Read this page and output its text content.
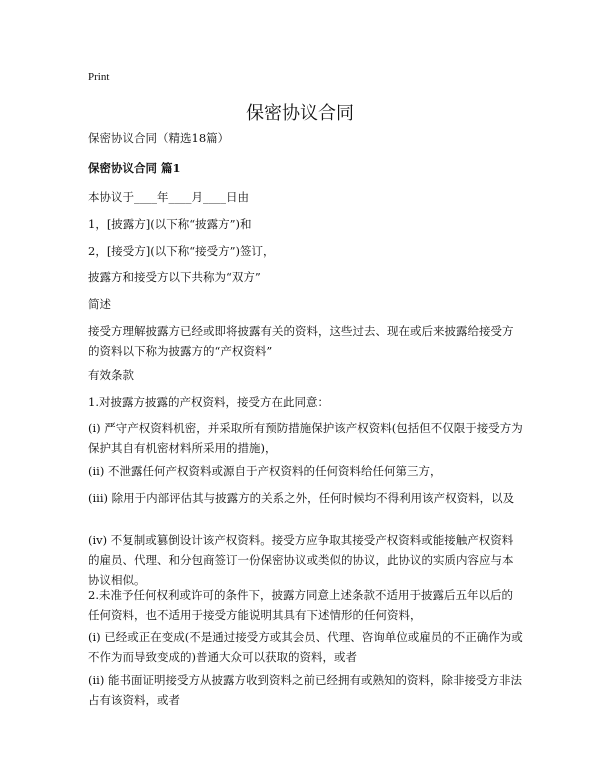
Print
保密协议合同

保密协议合同（精选18篇）

保密协议合同 篇1

本协议于____年____月____日由

1，[披露方](以下称“披露方”)和

2，[接受方](以下称“接受方”)签订，

披露方和接受方以下共称为“双方”

简述

接受方理解披露方已经或即将披露有关的资料，这些过去、现在或后来披露给接受方的资料以下称为披露方的“产权资料”

有效条款

1.对披露方披露的产权资料，接受方在此同意：

(i) 严守产权资料机密，并采取所有预防措施保护该产权资料(包括但不仅限于接受方为保护其自有机密材料所采用的措施)，

(ii) 不泄露任何产权资料或源自于产权资料的任何资料给任何第三方，

(iii) 除用于内部评估其与披露方的关系之外，任何时候均不得利用该产权资料，以及

(iv) 不复制或篡倒设计该产权资料。接受方应争取其接受产权资料或能接触产权资料的雇员、代理、和分包商签订一份保密协议或类似的协议，此协议的实质内容应与本协议相似。

2.未准予任何权利或许可的条件下，披露方同意上述条款不适用于披露后五年以后的任何资料，也不适用于接受方能说明其具有下述情形的任何资料，

(i) 已经或正在变成(不是通过接受方或其会员、代理、咨询单位或雇员的不正确作为或不作为而导致变成的)普通大众可以获取的资料，或者

(ii) 能书面证明接受方从披露方收到资料之前已经拥有或熟知的资料，除非接受方非法占有该资料，或者
